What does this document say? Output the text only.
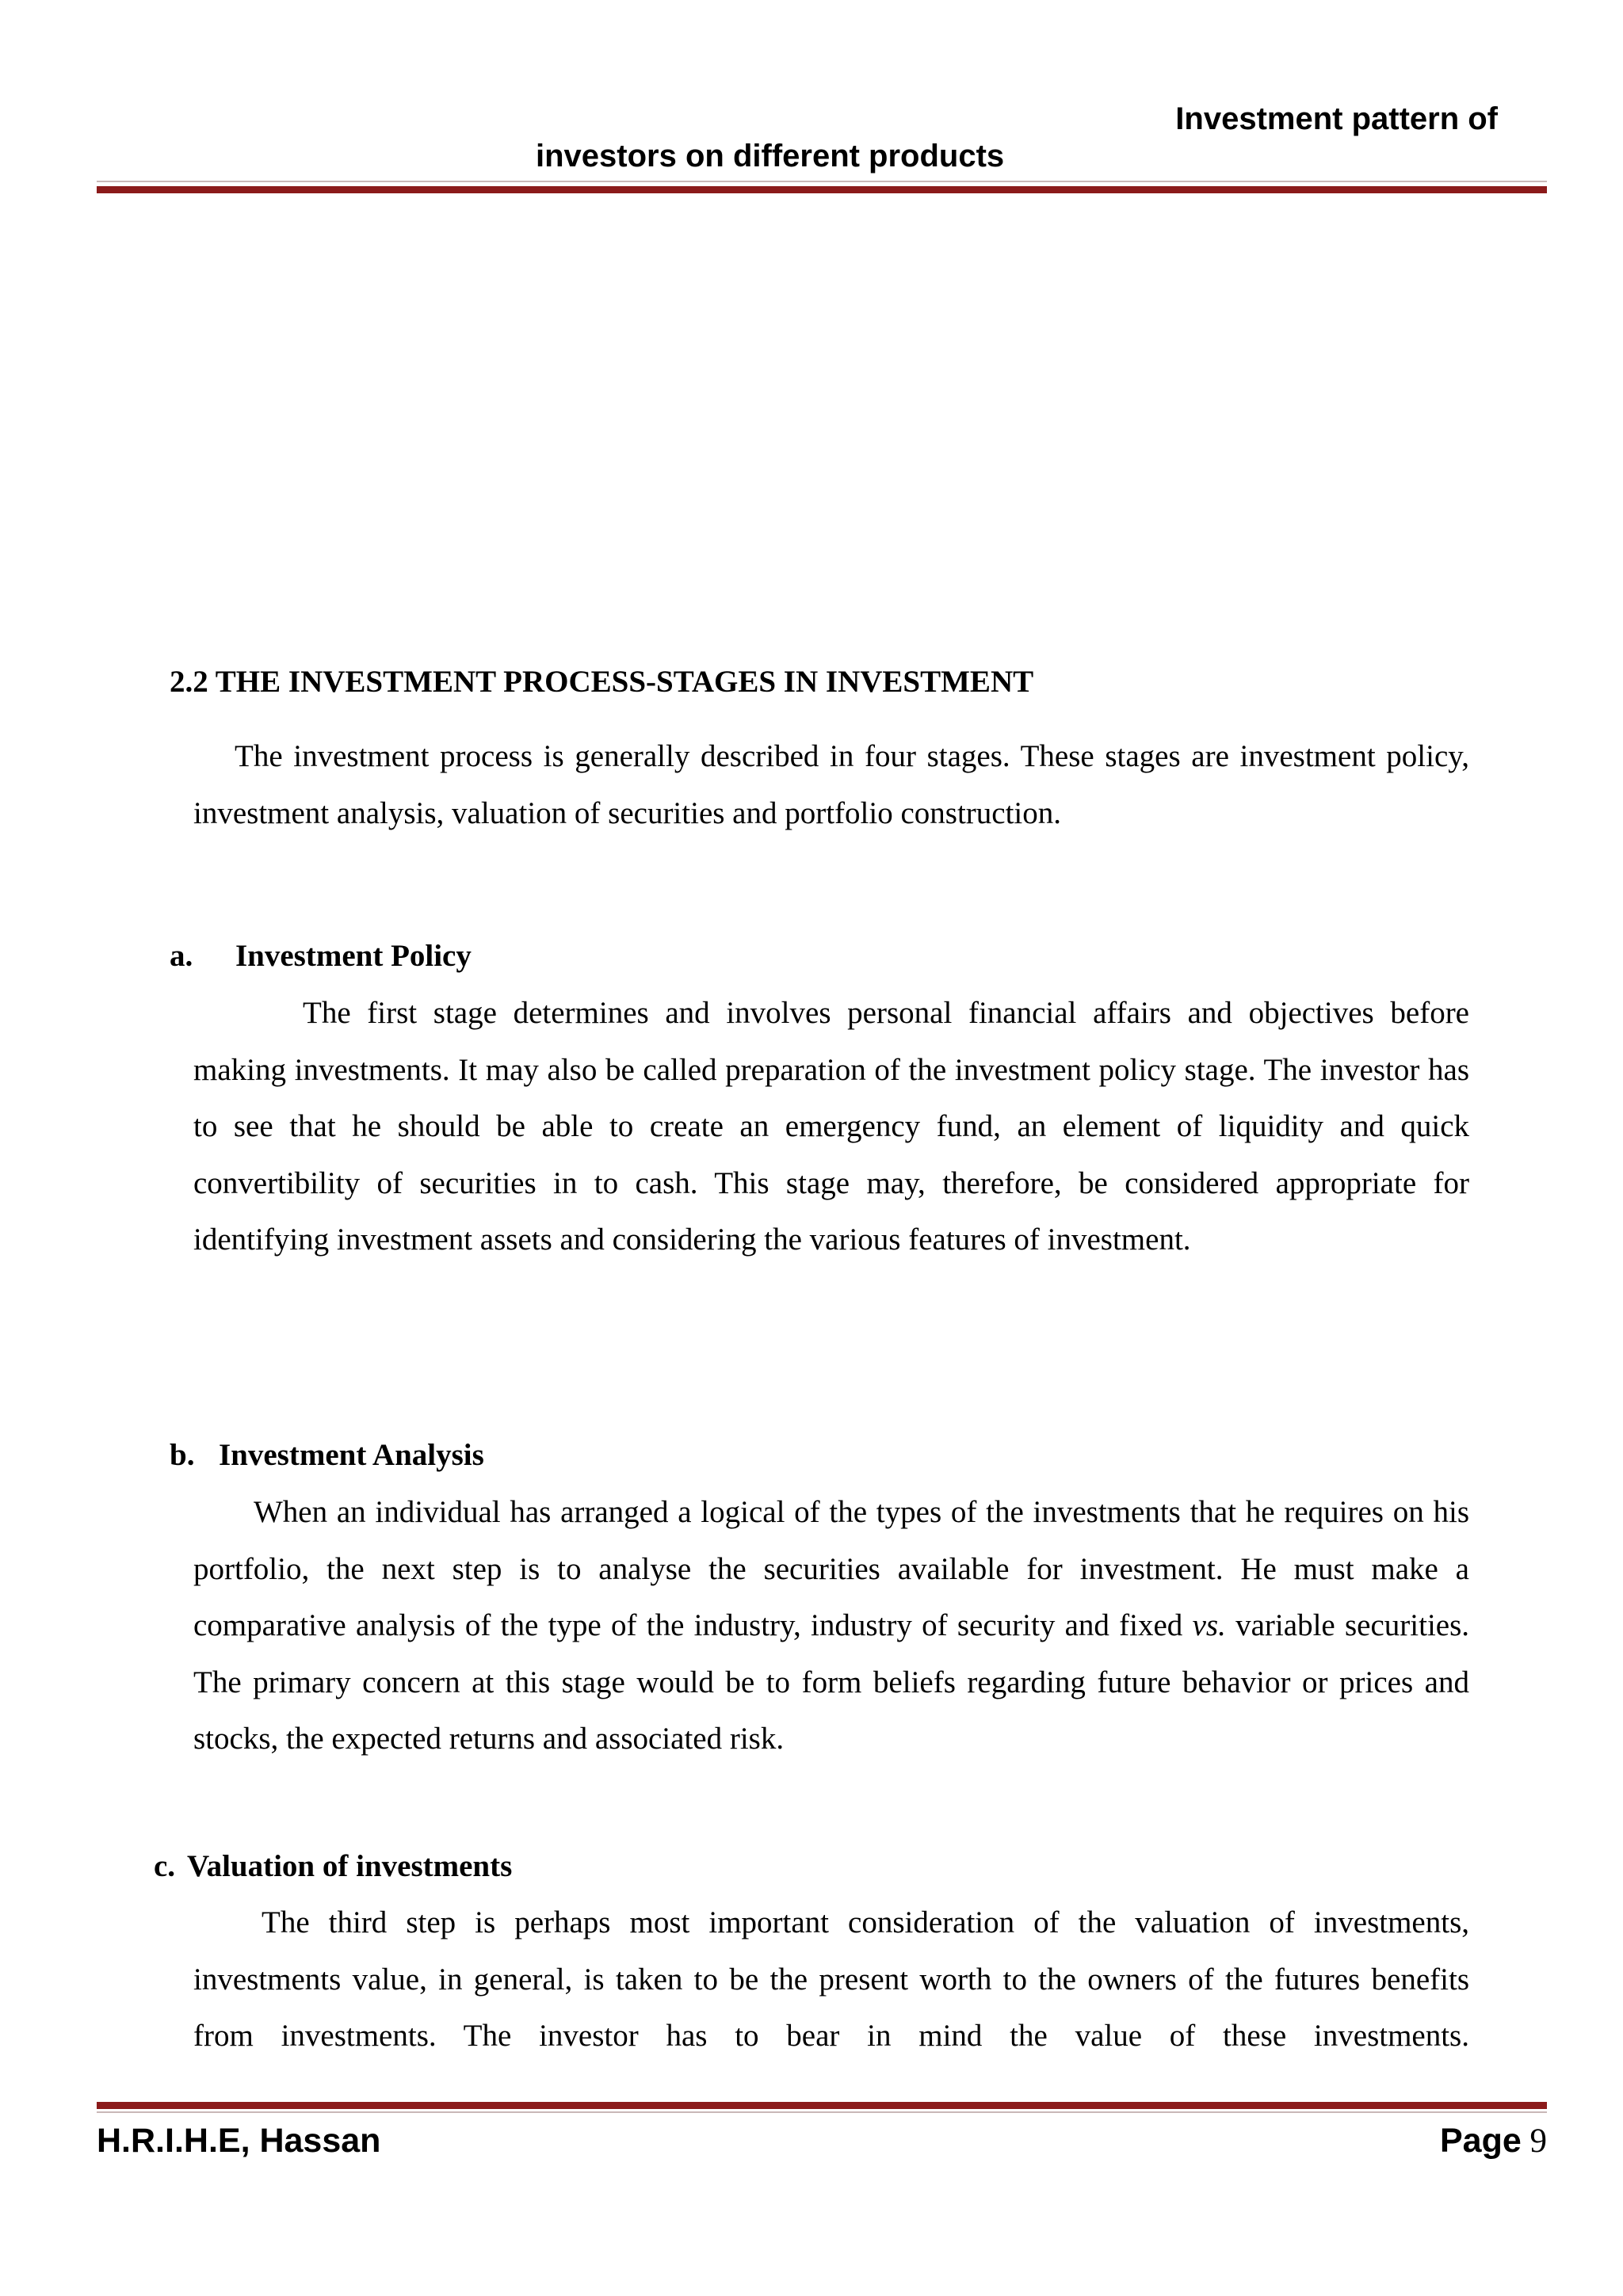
Investment pattern of
investors on different products
2.2 THE INVESTMENT PROCESS-STAGES IN INVESTMENT
The investment process is generally described in four stages. These stages are investment policy, investment analysis, valuation of securities and portfolio construction.
a. Investment Policy
The first stage determines and involves personal financial affairs and objectives before making investments. It may also be called preparation of the investment policy stage. The investor has to see that he should be able to create an emergency fund, an element of liquidity and quick convertibility of securities in to cash. This stage may, therefore, be considered appropriate for identifying investment assets and considering the various features of investment.
b. Investment Analysis
When an individual has arranged a logical of the types of the investments that he requires on his portfolio, the next step is to analyse the securities available for investment. He must make a comparative analysis of the type of the industry, industry of security and fixed vs. variable securities. The primary concern at this stage would be to form beliefs regarding future behavior or prices and stocks, the expected returns and associated risk.
c. Valuation of investments
The third step is perhaps most important consideration of the valuation of investments, investments value, in general, is taken to be the present worth to the owners of the futures benefits from investments. The investor has to bear in mind the value of these investments.
H.R.I.H.E, Hassan	Page 9
